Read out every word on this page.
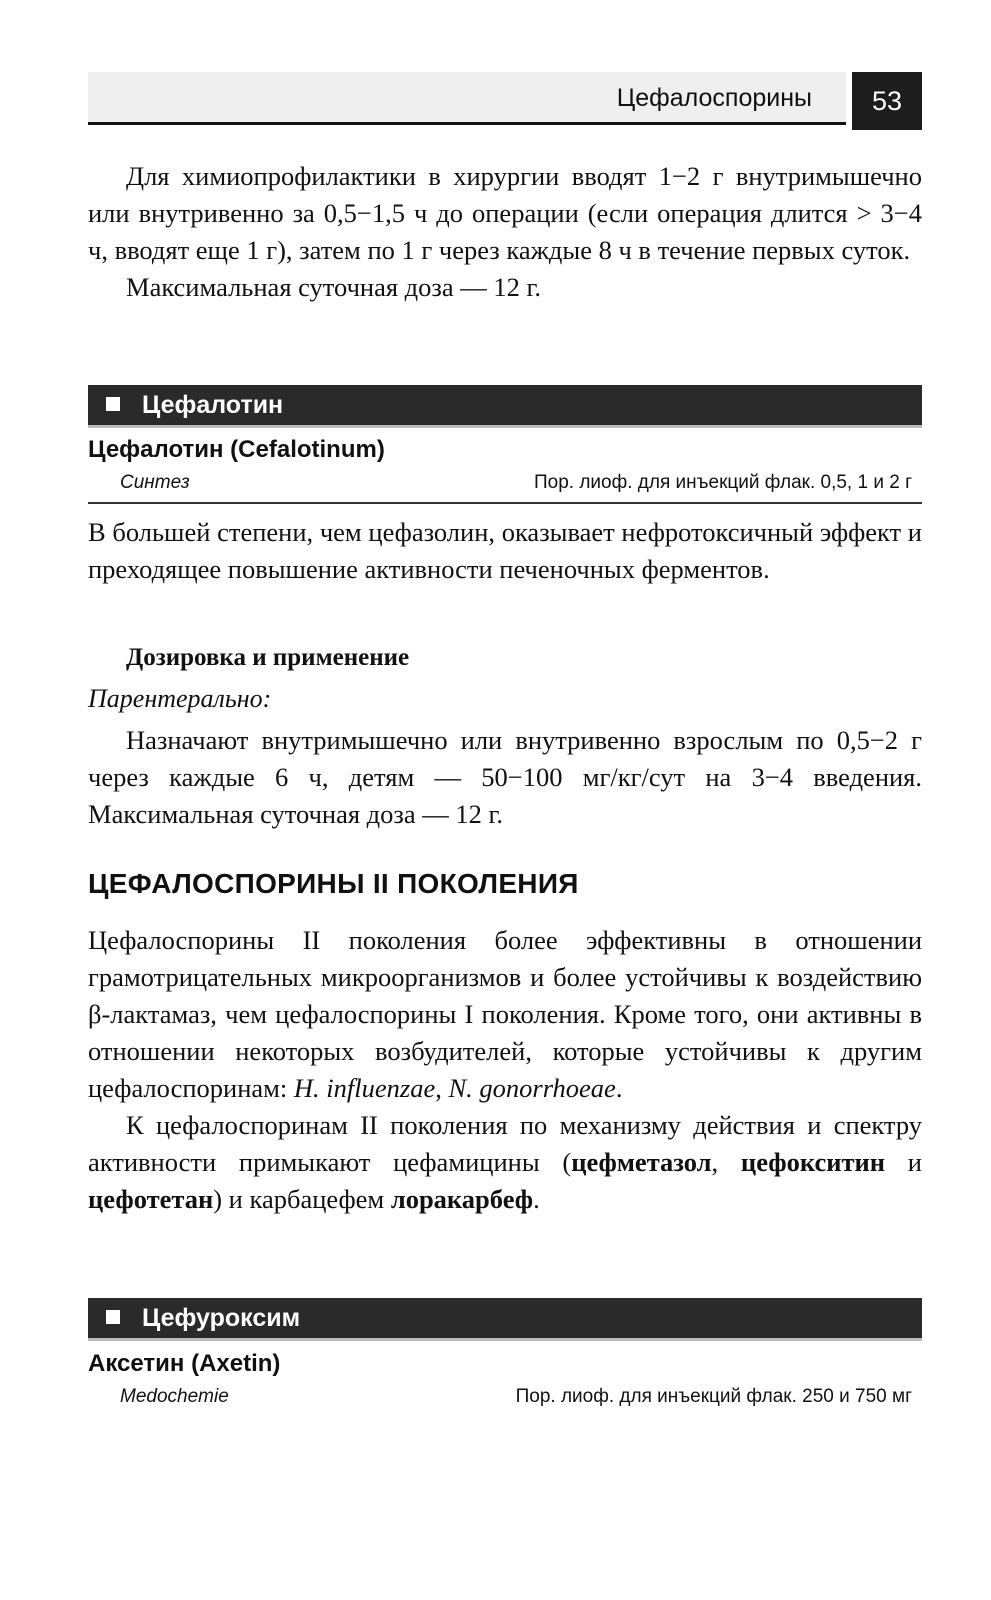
Цефалоспорины	53

Для химиопрофилактики в хирургии вводят 1−2 г внутримышечно или внутривенно за 0,5−1,5 ч до операции (если операция длится > 3−4 ч, вводят еще 1 г), затем по 1 г через каждые 8 ч в течение первых суток.

Максимальная суточная доза — 12 г.

Цефалотин
Цефалотин (Cefalotinum)
Синтез	Пор. лиоф. для инъекций флак. 0,5, 1 и 2 г

В большей степени, чем цефазолин, оказывает нефротоксичный эффект и преходящее повышение активности печеночных ферментов.

Дозировка и применение
Парентерально:

Назначают внутримышечно или внутривенно взрослым по 0,5−2 г через каждые 6 ч, детям — 50−100 мг/кг/сут на 3−4 введения. Максимальная суточная доза — 12 г.

ЦЕФАЛОСПОРИНЫ II ПОКОЛЕНИЯ

Цефалоспорины II поколения более эффективны в отношении грамотрицательных микроорганизмов и более устойчивы к воздействию β-лактамаз, чем цефалоспорины I поколения. Кроме того, они активны в отношении некоторых возбудителей, которые устойчивы к другим цефалоспоринам: H. influenzae, N. gonorrhoeae.

К цефалоспоринам II поколения по механизму действия и спектру активности примыкают цефамицины (цефметазол, цефокситин и цефотетан) и карбацефем лоракарбеф.

Цефуроксим
Аксетин (Axetin)
Medochemie	Пор. лиоф. для инъекций флак. 250 и 750 мг
